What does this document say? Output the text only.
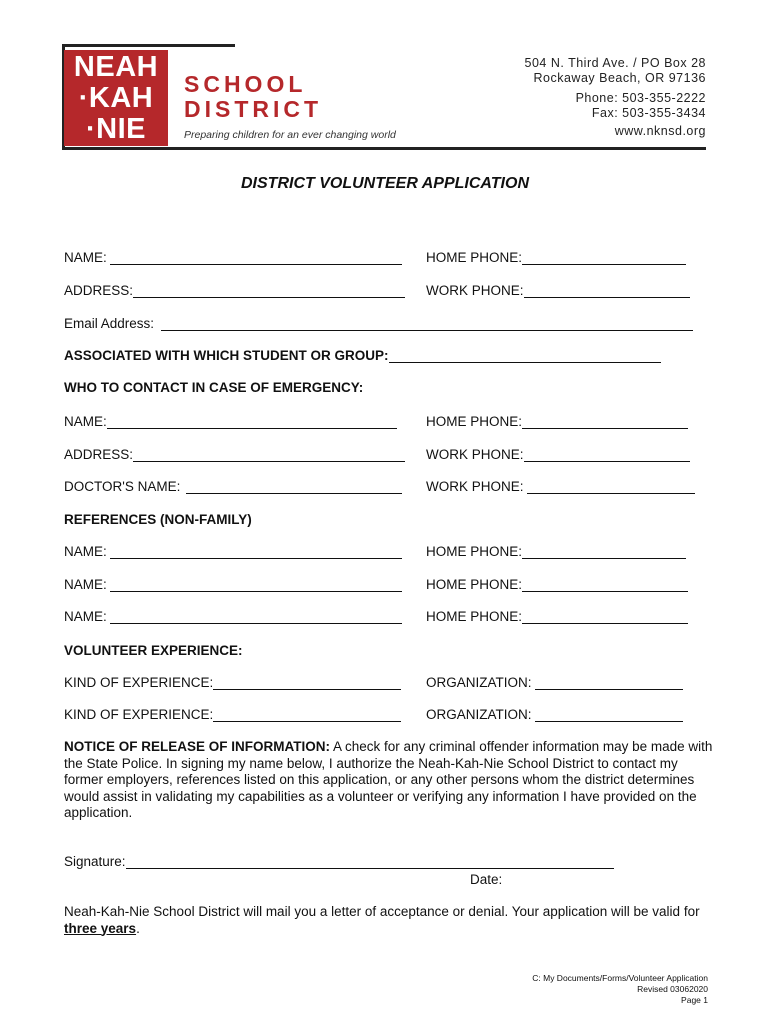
NEAH
·KAH
·NIE
SCHOOL
DISTRICT
Preparing children for an ever changing world
504 N. Third Ave. / PO Box 28
Rockaway Beach, OR 97136
Phone: 503-355-2222
Fax: 503-355-3434
www.nknsd.org
DISTRICT VOLUNTEER APPLICATION
NAME:	HOME PHONE:
ADDRESS:	WORK PHONE:
Email Address:
ASSOCIATED WITH WHICH STUDENT OR GROUP:
WHO TO CONTACT IN CASE OF EMERGENCY:
NAME:	HOME PHONE:
ADDRESS:	WORK PHONE:
DOCTOR'S NAME:	WORK PHONE:
REFERENCES (NON-FAMILY)
NAME:	HOME PHONE:
NAME:	HOME PHONE:
NAME:	HOME PHONE:
VOLUNTEER EXPERIENCE:
KIND OF EXPERIENCE:	ORGANIZATION:
KIND OF EXPERIENCE:	ORGANIZATION:
NOTICE OF RELEASE OF INFORMATION: A check for any criminal offender information may be made with the State Police. In signing my name below, I authorize the Neah-Kah-Nie School District to contact my former employers, references listed on this application, or any other persons whom the district determines would assist in validating my capabilities as a volunteer or verifying any information I have provided on the application.
Signature:
Date:
Neah-Kah-Nie School District will mail you a letter of acceptance or denial. Your application will be valid for three years.
C: My Documents/Forms/Volunteer Application
Revised 03062020
Page 1
